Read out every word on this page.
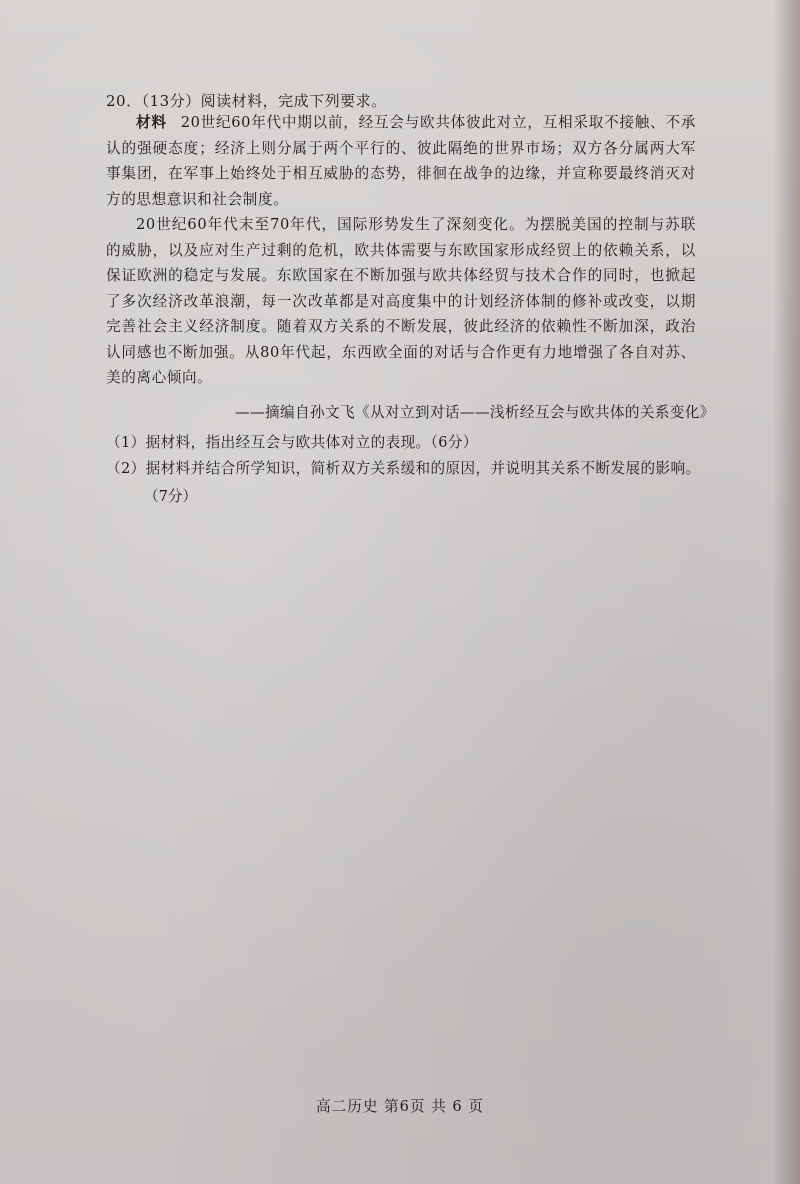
20．（13分）阅读材料，完成下列要求。
材料 20世纪60年代中期以前，经互会与欧共体彼此对立，互相采取不接触、不承认的强硬态度；经济上则分属于两个平行的、彼此隔绝的世界市场；双方各分属两大军事集团，在军事上始终处于相互威胁的态势，徘徊在战争的边缘，并宣称要最终消灭对方的思想意识和社会制度。
20世纪60年代末至70年代，国际形势发生了深刻变化。为摆脱美国的控制与苏联的威胁，以及应对生产过剩的危机，欧共体需要与东欧国家形成经贸上的依赖关系，以保证欧洲的稳定与发展。东欧国家在不断加强与欧共体经贸与技术合作的同时，也掀起了多次经济改革浪潮，每一次改革都是对高度集中的计划经济体制的修补或改变，以期完善社会主义经济制度。随着双方关系的不断发展，彼此经济的依赖性不断加深，政治认同感也不断加强。从80年代起，东西欧全面的对话与合作更有力地增强了各自对苏、美的离心倾向。
——摘编自孙文飞《从对立到对话——浅析经互会与欧共体的关系变化》
（1）据材料，指出经互会与欧共体对立的表现。（6分）
（2）据材料并结合所学知识，简析双方关系缓和的原因，并说明其关系不断发展的影响。
（7分）
高二历史 第6页 共 6 页
